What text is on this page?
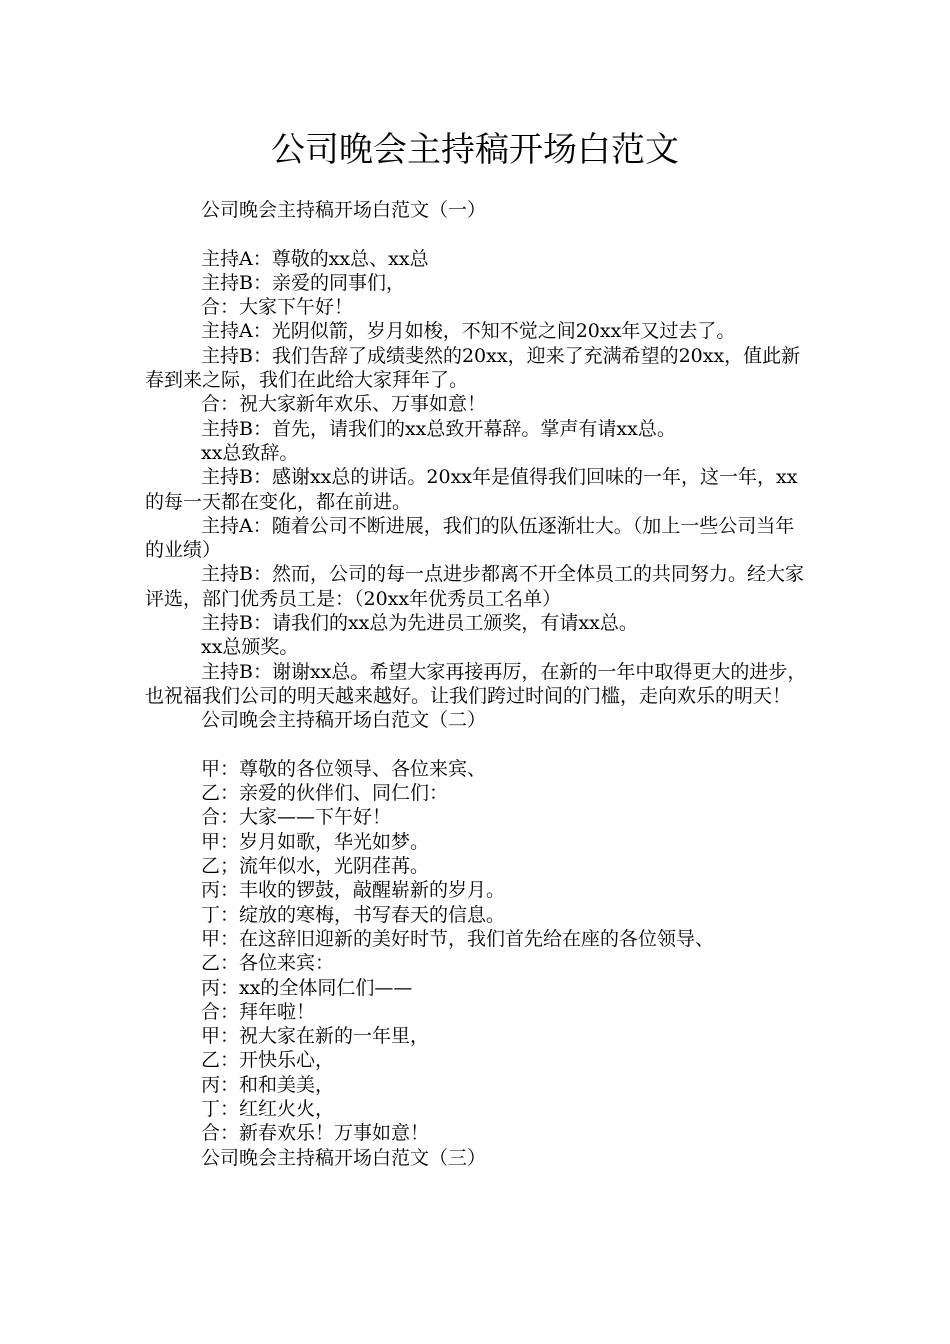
公司晚会主持稿开场白范文

公司晚会主持稿开场白范文（一）

主持A：尊敬的xx总、xx总

主持B：亲爱的同事们，

合：大家下午好！

主持A：光阴似箭，岁月如梭，不知不觉之间20xx年又过去了。

主持B：我们告辞了成绩斐然的20xx，迎来了充满希望的20xx，值此新春到来之际，我们在此给大家拜年了。

合：祝大家新年欢乐、万事如意！

主持B：首先，请我们的xx总致开幕辞。掌声有请xx总。

xx总致辞。

主持B：感谢xx总的讲话。20xx年是值得我们回味的一年，这一年，xx的每一天都在变化，都在前进。

主持A：随着公司不断进展，我们的队伍逐渐壮大。（加上一些公司当年的业绩）

主持B：然而，公司的每一点进步都离不开全体员工的共同努力。经大家评选，部门优秀员工是：（20xx年优秀员工名单）

主持B：请我们的xx总为先进员工颁奖，有请xx总。

xx总颁奖。

主持B：谢谢xx总。希望大家再接再厉，在新的一年中取得更大的进步，也祝福我们公司的明天越来越好。让我们跨过时间的门槛，走向欢乐的明天！

公司晚会主持稿开场白范文（二）

甲：尊敬的各位领导、各位来宾、

乙：亲爱的伙伴们、同仁们：

合：大家——下午好！

甲：岁月如歌，华光如梦。

乙；流年似水，光阴荏苒。

丙：丰收的锣鼓，敲醒崭新的岁月。

丁：绽放的寒梅，书写春天的信息。

甲：在这辞旧迎新的美好时节，我们首先给在座的各位领导、

乙：各位来宾：

丙：xx的全体同仁们——

合：拜年啦！

甲：祝大家在新的一年里，

乙：开快乐心，

丙：和和美美，

丁：红红火火，

合：新春欢乐！万事如意！

公司晚会主持稿开场白范文（三）
